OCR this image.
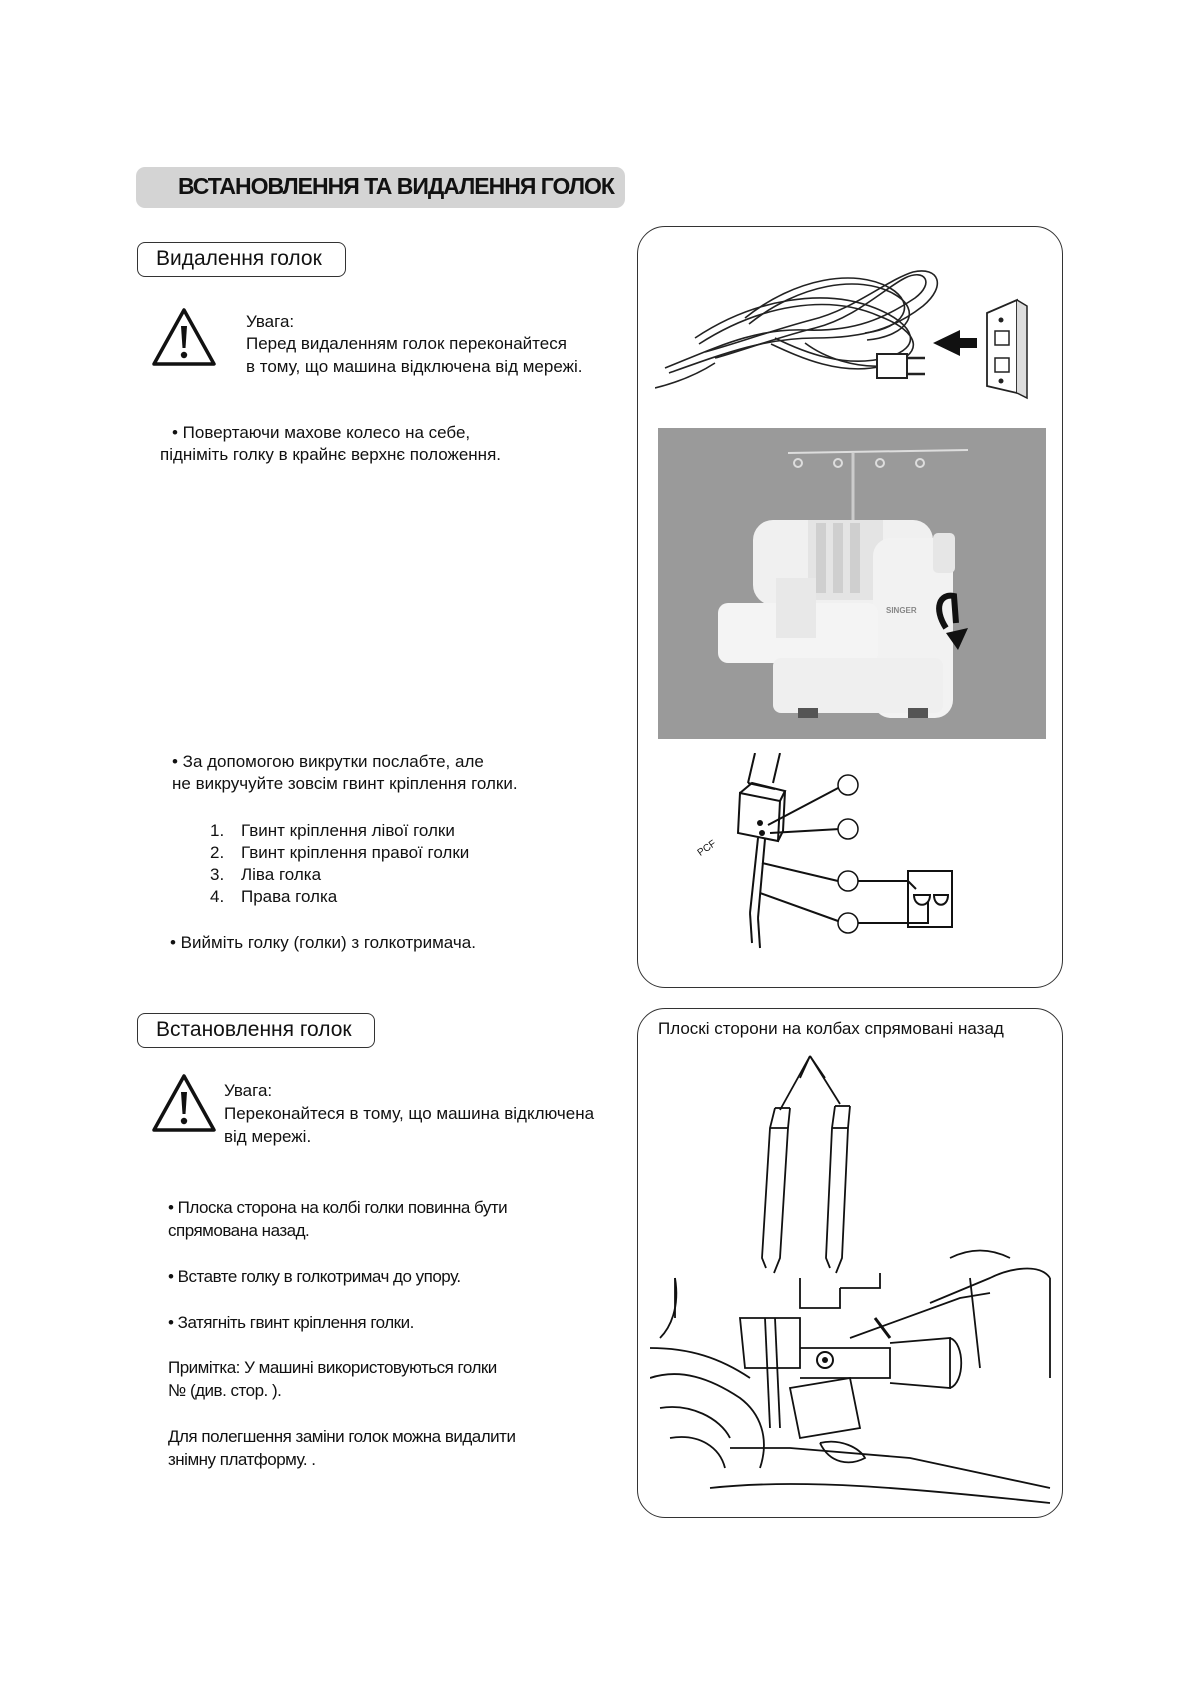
ВСТАНОВЛЕННЯ ТА ВИДАЛЕННЯ ГОЛОК
Видалення голок
Увага:
Перед видаленням голок переконайтеся
в тому, що машина відключена від мережі.
• Повертаючи махове колесо на себе,
підніміть голку в крайнє верхнє положення.
• За допомогою викрутки послабте, але
не викручуйте зовсім гвинт кріплення голки.
1. Гвинт кріплення лівої голки
2. Гвинт кріплення правої голки
3. Ліва голка
4. Права голка
• Вийміть голку (голки) з голкотримача.
SINGER
PCF
Встановлення голок
Увага:
Переконайтеся в тому, що машина відключена
від мережі.
• Плоска сторона на колбі голки повинна бути
спрямована назад.
• Вставте голку в голкотримач до упору.
• Затягніть гвинт кріплення голки.
Примітка: У машині використовуються голки
№ (див. стор. ).
Для полегшення заміни голок можна видалити
знімну платформу. .
Плоскі сторони на колбах спрямовані назад
